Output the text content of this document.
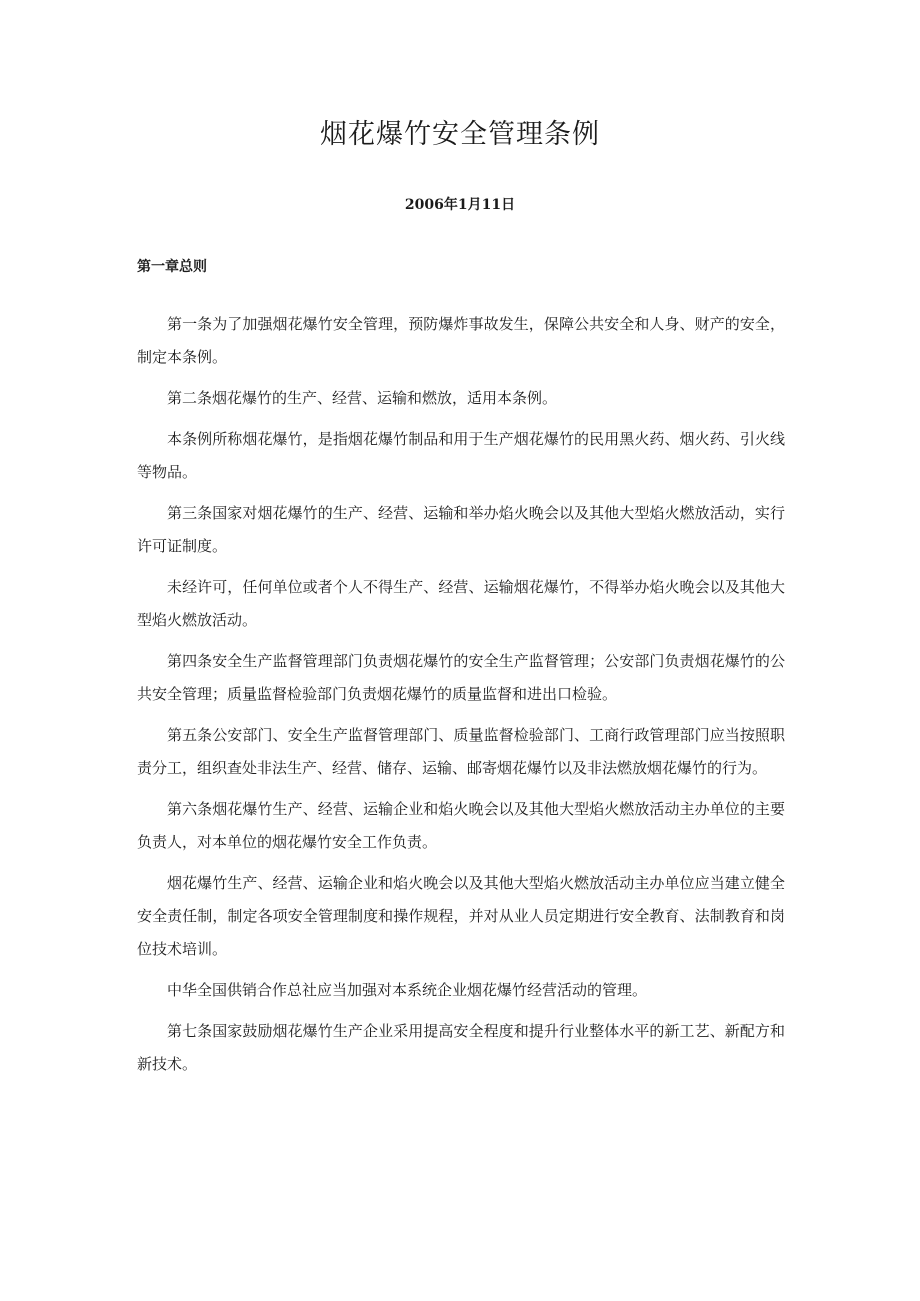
烟花爆竹安全管理条例

2006年1月11日

第一章总则

第一条为了加强烟花爆竹安全管理，预防爆炸事故发生，保障公共安全和人身、财产的安全，制定本条例。

第二条烟花爆竹的生产、经营、运输和燃放，适用本条例。

本条例所称烟花爆竹，是指烟花爆竹制品和用于生产烟花爆竹的民用黑火药、烟火药、引火线等物品。

第三条国家对烟花爆竹的生产、经营、运输和举办焰火晚会以及其他大型焰火燃放活动，实行许可证制度。

未经许可，任何单位或者个人不得生产、经营、运输烟花爆竹，不得举办焰火晚会以及其他大型焰火燃放活动。

第四条安全生产监督管理部门负责烟花爆竹的安全生产监督管理；公安部门负责烟花爆竹的公共安全管理；质量监督检验部门负责烟花爆竹的质量监督和进出口检验。

第五条公安部门、安全生产监督管理部门、质量监督检验部门、工商行政管理部门应当按照职责分工，组织查处非法生产、经营、储存、运输、邮寄烟花爆竹以及非法燃放烟花爆竹的行为。

第六条烟花爆竹生产、经营、运输企业和焰火晚会以及其他大型焰火燃放活动主办单位的主要负责人，对本单位的烟花爆竹安全工作负责。

烟花爆竹生产、经营、运输企业和焰火晚会以及其他大型焰火燃放活动主办单位应当建立健全安全责任制，制定各项安全管理制度和操作规程，并对从业人员定期进行安全教育、法制教育和岗位技术培训。

中华全国供销合作总社应当加强对本系统企业烟花爆竹经营活动的管理。

第七条国家鼓励烟花爆竹生产企业采用提高安全程度和提升行业整体水平的新工艺、新配方和新技术。
